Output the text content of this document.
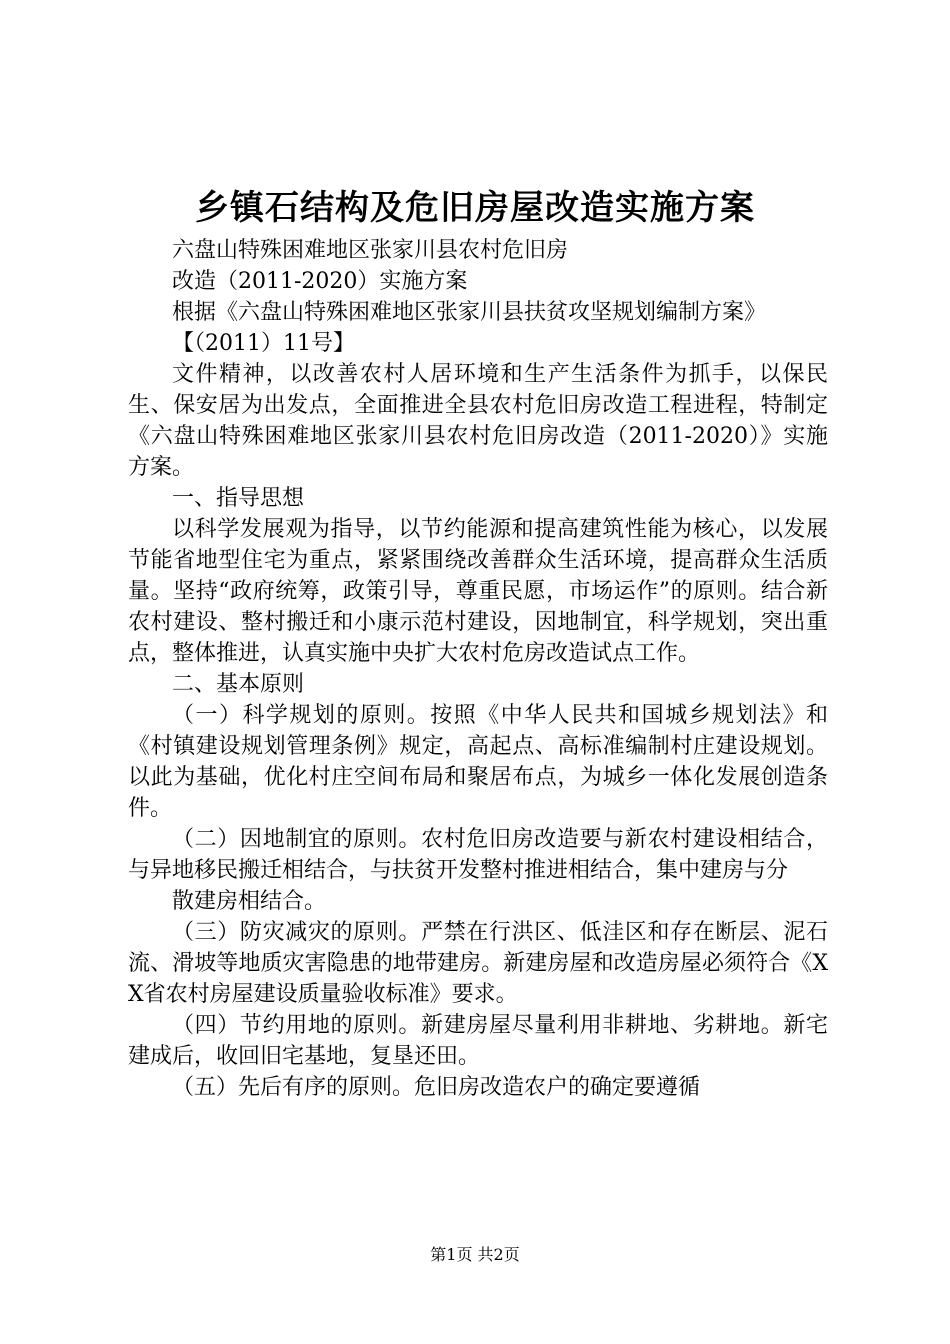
乡镇石结构及危旧房屋改造实施方案

六盘山特殊困难地区张家川县农村危旧房

改造（2011-2020）实施方案

根据《六盘山特殊困难地区张家川县扶贫攻坚规划编制方案》

【（2011）11号】

文件精神，以改善农村人居环境和生产生活条件为抓手，以保民生、保安居为出发点，全面推进全县农村危旧房改造工程进程，特制定《六盘山特殊困难地区张家川县农村危旧房改造（2011-2020）》实施方案。

一、指导思想

以科学发展观为指导，以节约能源和提高建筑性能为核心，以发展节能省地型住宅为重点，紧紧围绕改善群众生活环境，提高群众生活质量。坚持“政府统筹，政策引导，尊重民愿，市场运作”的原则。结合新农村建设、整村搬迁和小康示范村建设，因地制宜，科学规划，突出重点，整体推进，认真实施中央扩大农村危房改造试点工作。

二、基本原则

（一）科学规划的原则。按照《中华人民共和国城乡规划法》和《村镇建设规划管理条例》规定，高起点、高标准编制村庄建设规划。以此为基础，优化村庄空间布局和聚居布点，为城乡一体化发展创造条件。

（二）因地制宜的原则。农村危旧房改造要与新农村建设相结合，与异地移民搬迁相结合，与扶贫开发整村推进相结合，集中建房与分

散建房相结合。

（三）防灾减灾的原则。严禁在行洪区、低洼区和存在断层、泥石流、滑坡等地质灾害隐患的地带建房。新建房屋和改造房屋必须符合《XX省农村房屋建设质量验收标准》要求。

（四）节约用地的原则。新建房屋尽量利用非耕地、劣耕地。新宅建成后，收回旧宅基地，复垦还田。

（五）先后有序的原则。危旧房改造农户的确定要遵循

第1页 共2页
